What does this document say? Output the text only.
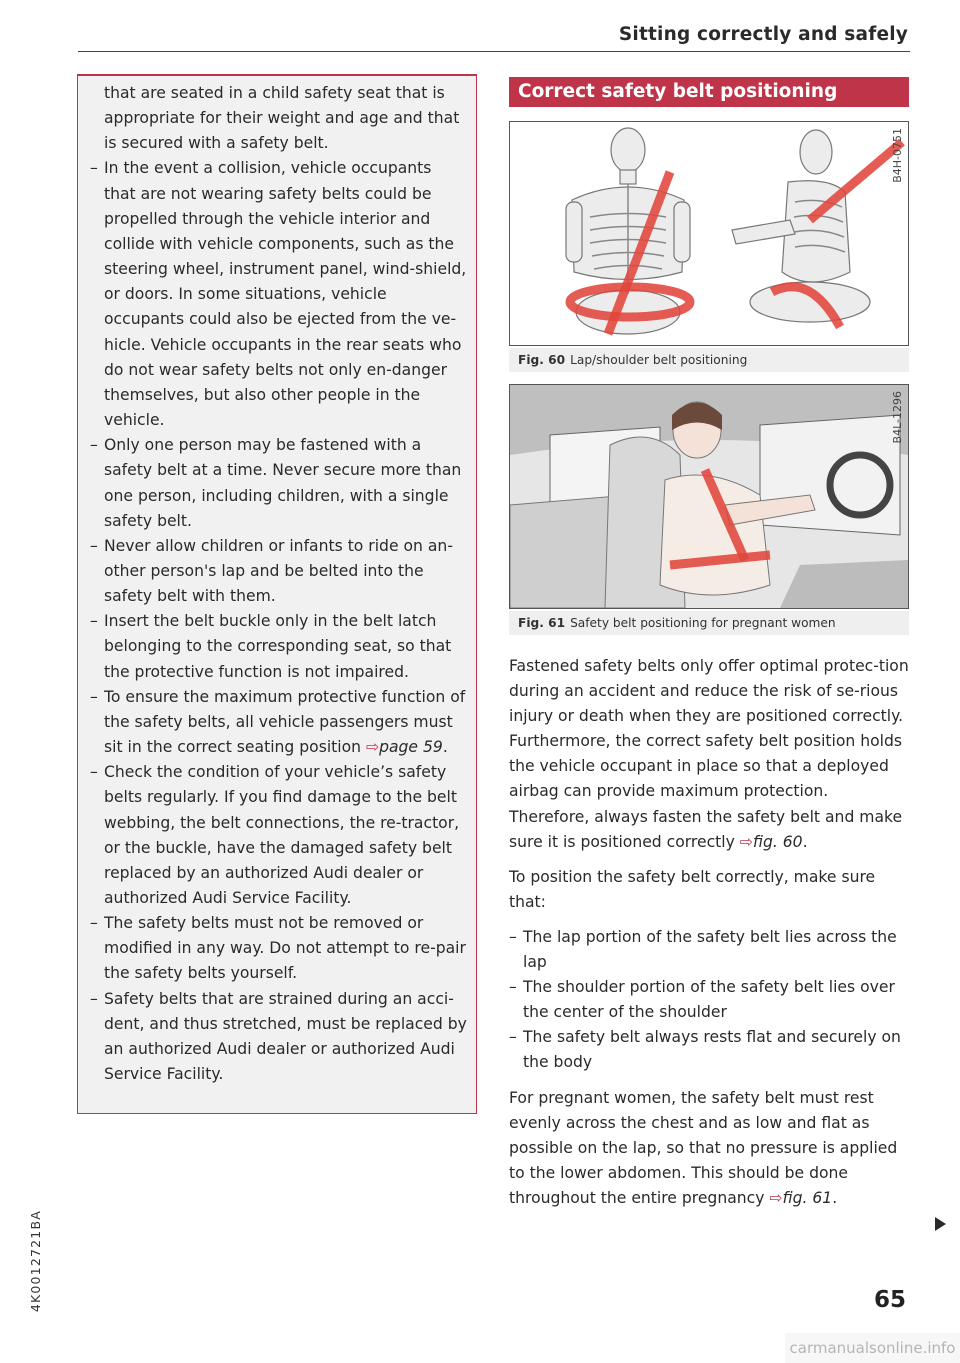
Sitting correctly and safely

that are seated in a child safety seat that is appropriate for their weight and age and that is secured with a safety belt.

– In the event a collision, vehicle occupants that are not wearing safety belts could be propelled through the vehicle interior and collide with vehicle components, such as the steering wheel, instrument panel, wind-shield, or doors. In some situations, vehicle occupants could also be ejected from the ve-hicle. Vehicle occupants in the rear seats who do not wear safety belts not only en-danger themselves, but also other people in the vehicle.
– Only one person may be fastened with a safety belt at a time. Never secure more than one person, including children, with a single safety belt.
– Never allow children or infants to ride on an-other person's lap and be belted into the safety belt with them.
– Insert the belt buckle only in the belt latch belonging to the corresponding seat, so that the protective function is not impaired.
– To ensure the maximum protective function of the safety belts, all vehicle passengers must sit in the correct seating position ⇨page 59.
– Check the condition of your vehicle’s safety belts regularly. If you find damage to the belt webbing, the belt connections, the re-tractor, or the buckle, have the damaged safety belt replaced by an authorized Audi dealer or authorized Audi Service Facility.
– The safety belts must not be removed or modified in any way. Do not attempt to re-pair the safety belts yourself.
– Safety belts that are strained during an acci-dent, and thus stretched, must be replaced by an authorized Audi dealer or authorized Audi Service Facility.
Correct safety belt positioning
B4H-0751
Fig. 60 Lap/shoulder belt positioning
B4L-1296
Fig. 61 Safety belt positioning for pregnant women

Fastened safety belts only offer optimal protec-tion during an accident and reduce the risk of se-rious injury or death when they are positioned correctly. Furthermore, the correct safety belt position holds the vehicle occupant in place so that a deployed airbag can provide maximum protection. Therefore, always fasten the safety belt and make sure it is positioned correctly ⇨fig. 60.

To position the safety belt correctly, make sure that:

– The lap portion of the safety belt lies across the lap
– The shoulder portion of the safety belt lies over the center of the shoulder
– The safety belt always rests flat and securely on the body

For pregnant women, the safety belt must rest evenly across the chest and as low and flat as possible on the lap, so that no pressure is applied to the lower abdomen. This should be done throughout the entire pregnancy ⇨fig. 61.

4K0012721BA	65
carmanualsonline.info
